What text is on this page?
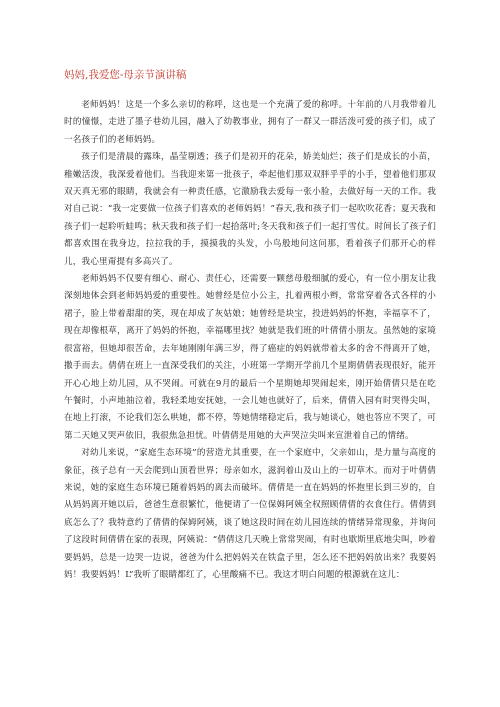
妈妈,我爱您-母亲节演讲稿

老师妈妈！这是一个多么亲切的称呼，这也是一个充满了爱的称呼。十年前的八月我带着儿时的憧憬，走进了墨子巷幼儿园，融入了幼教事业，拥有了一群又一群活泼可爱的孩子们，成了一名孩子们的老师妈妈。

孩子们是清晨的露珠，晶莹剔透；孩子们是初开的花朵，娇美灿烂；孩子们是成长的小苗，稚嫩活泼，我深爱着他们。当我迎来第一批孩子，牵起他们那双双胖乎乎的小手，望着他们那双双天真无邪的眼睛，我就会有一种责任感，它激励我去爱每一张小脸，去做好每一天的工作。我对自己说：“我一定要做一位孩子们喜欢的老师妈妈！”春天,我和孩子们一起吹吹花香；夏天我和孩子们一起聆听蛙鸣；秋天我和孩子们一起拾落叶;冬天我和孩子们一起打雪仗。时间长了孩子们都喜欢围在我身边，拉拉我的手，摸摸我的头发，小鸟般地问这问那，看着孩子们那开心的样儿，我心里甭提有多高兴了。

老师妈妈不仅要有细心、耐心、责任心，还需要一颗慈母般细腻的爱心，有一位小朋友让我深刻地体会到老师妈妈爱的重要性。她曾经是位小公主，扎着两根小辫，常常穿着各式各样的小裙子，脸上带着甜甜的笑，现在却成了灰姑娘；她曾经是块宝，投进妈妈的怀抱，幸福享不了，现在却像根草，离开了妈妈的怀抱，幸福哪里找？她就是我们班的叶倩倩小朋友。虽然她的家境很富裕，但她却很苦命，去年她刚刚年满三岁，得了癌症的妈妈就带着太多的舍不得离开了她，撒手而去。倩倩在班上一直深受我们的关注，小班第一学期开学前几个星期倩倩表现很好，能开开心心地上幼儿园，从不哭闹。可就在9月的最后一个星期她却哭闹起来，刚开始倩倩只是在吃午餐时，小声地抽泣着，我轻柔地安抚她，一会儿她也就好了，后来，倩倩入园有时哭得尖叫，在地上打滚，不论我们怎么哄她，都不停，等她情绪稳定后，我与她谈心，她也答应不哭了，可第二天她又哭声依旧，我很焦急担忧。叶倩倩是用她的大声哭泣尖叫来宣泄着自己的情绪。

对幼儿来说，“家庭生态环境”的营造尤其重要，在一个家庭中，父亲如山，是力量与高度的象征，孩子总有一天会爬到山顶看世界；母亲如水，滋润着山及山上的一切草木。而对于叶倩倩来说，她的家庭生态环境已随着妈妈的离去而破坏。倩倩是一直在妈妈的怀抱里长到三岁的，自从妈妈离开她以后，爸爸生意很繁忙，他便请了一位保姆阿姨全权照顾倩倩的衣食住行。倩倩到底怎么了？我特意约了倩倩的保姆阿姨，谈了她这段时间在幼儿园连续的情绪异常现象，并询问了这段时间倩倩在家的表现，阿姨说：“倩倩这几天晚上常常哭闹，有时也歇斯里底地尖叫，吵着要妈妈，总是一边哭一边说，爸爸为什么把妈妈关在铁盒子里，怎么还不把妈妈放出来？我要妈妈！我要妈妈！L”我听了眼睛都红了，心里酸痛不已。我这才明白问题的根源就在这儿：
